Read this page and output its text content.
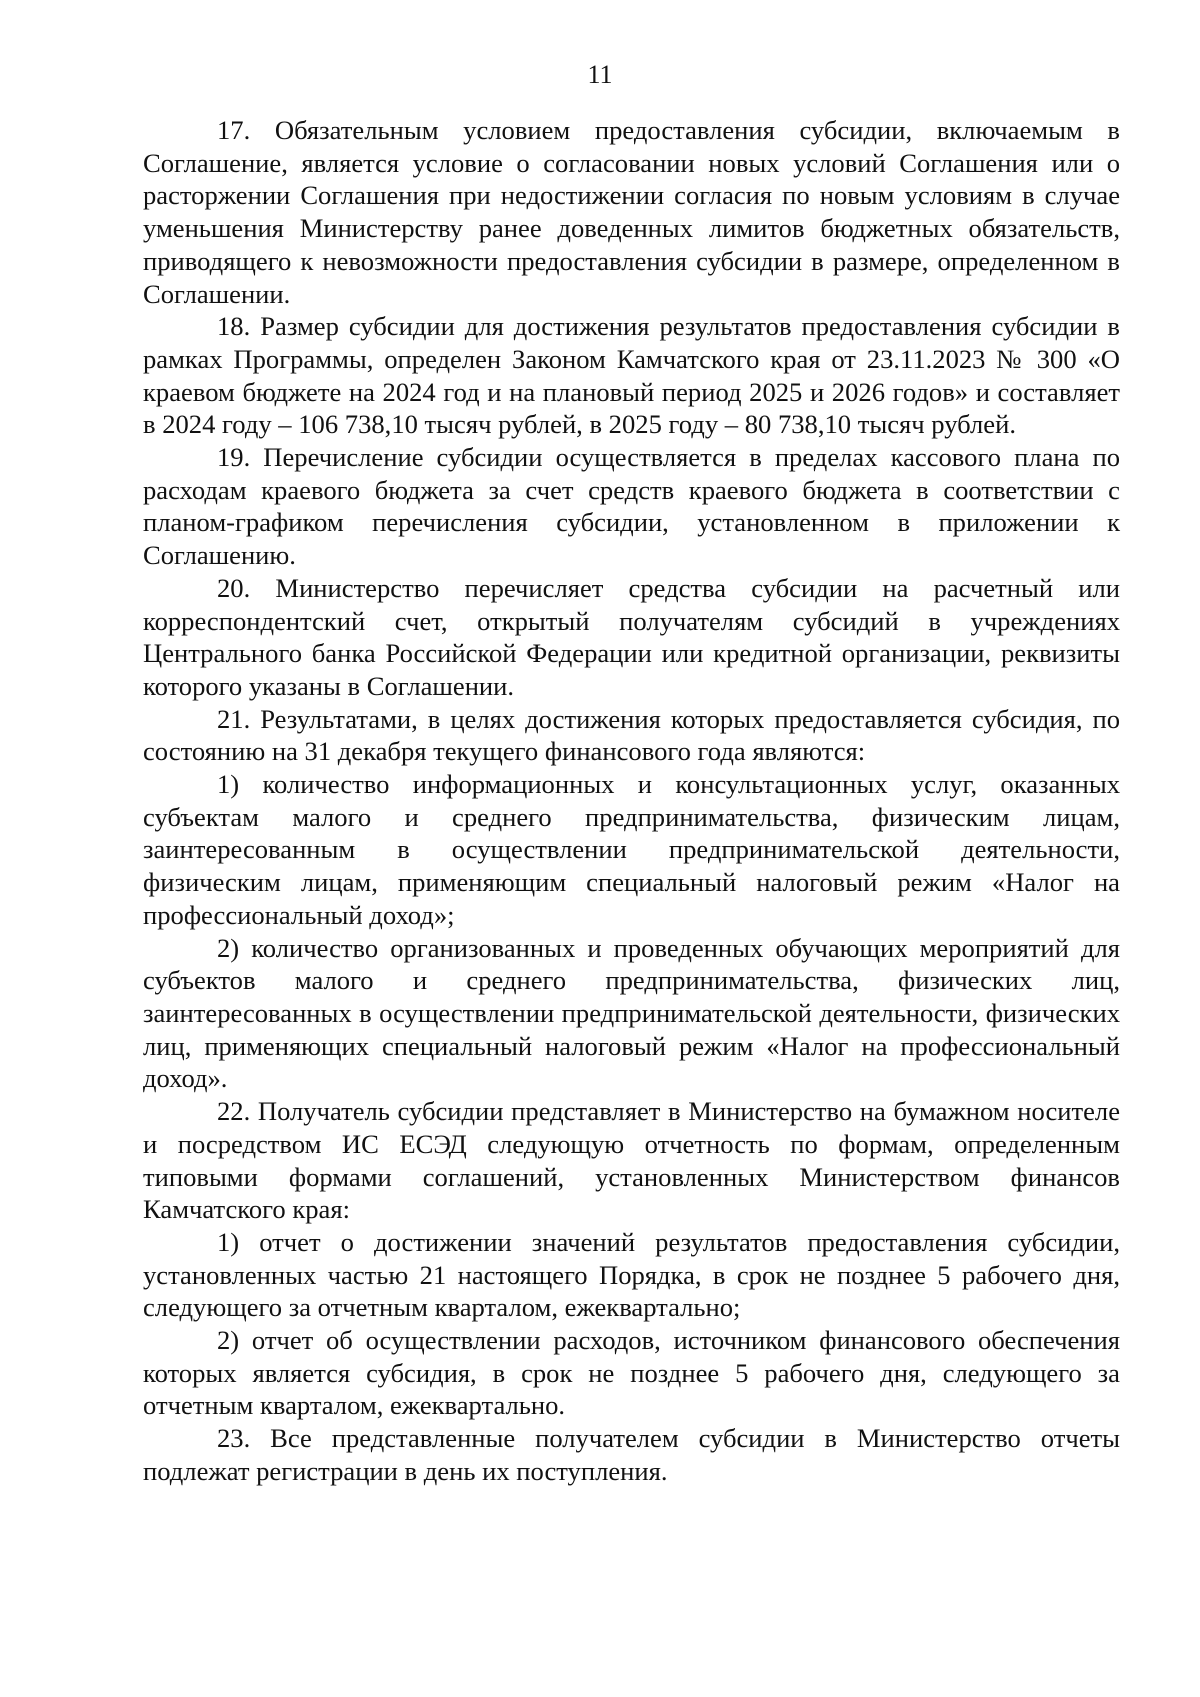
11

17. Обязательным условием предоставления субсидии, включаемым в Соглашение, является условие о согласовании новых условий Соглашения или о расторжении Соглашения при недостижении согласия по новым условиям в случае уменьшения Министерству ранее доведенных лимитов бюджетных обязательств, приводящего к невозможности предоставления субсидии в размере, определенном в Соглашении.

18. Размер субсидии для достижения результатов предоставления субсидии в рамках Программы, определен Законом Камчатского края от 23.11.2023 № 300 «О краевом бюджете на 2024 год и на плановый период 2025 и 2026 годов» и составляет в 2024 году – 106 738,10 тысяч рублей, в 2025 году – 80 738,10 тысяч рублей.

19. Перечисление субсидии осуществляется в пределах кассового плана по расходам краевого бюджета за счет средств краевого бюджета в соответствии с планом-графиком перечисления субсидии, установленном в приложении к Соглашению.

20. Министерство перечисляет средства субсидии на расчетный или корреспондентский счет, открытый получателям субсидий в учреждениях Центрального банка Российской Федерации или кредитной организации, реквизиты которого указаны в Соглашении.

21. Результатами, в целях достижения которых предоставляется субсидия, по состоянию на 31 декабря текущего финансового года являются:

1) количество информационных и консультационных услуг, оказанных субъектам малого и среднего предпринимательства, физическим лицам, заинтересованным в осуществлении предпринимательской деятельности, физическим лицам, применяющим специальный налоговый режим «Налог на профессиональный доход»;

2) количество организованных и проведенных обучающих мероприятий для субъектов малого и среднего предпринимательства, физических лиц, заинтересованных в осуществлении предпринимательской деятельности, физических лиц, применяющих специальный налоговый режим «Налог на профессиональный доход».

22. Получатель субсидии представляет в Министерство на бумажном носителе и посредством ИС ЕСЭД следующую отчетность по формам, определенным типовыми формами соглашений, установленных Министерством финансов Камчатского края:

1) отчет о достижении значений результатов предоставления субсидии, установленных частью 21 настоящего Порядка, в срок не позднее 5 рабочего дня, следующего за отчетным кварталом, ежеквартально;

2) отчет об осуществлении расходов, источником финансового обеспечения которых является субсидия, в срок не позднее 5 рабочего дня, следующего за отчетным кварталом, ежеквартально.

23. Все представленные получателем субсидии в Министерство отчеты подлежат регистрации в день их поступления.
